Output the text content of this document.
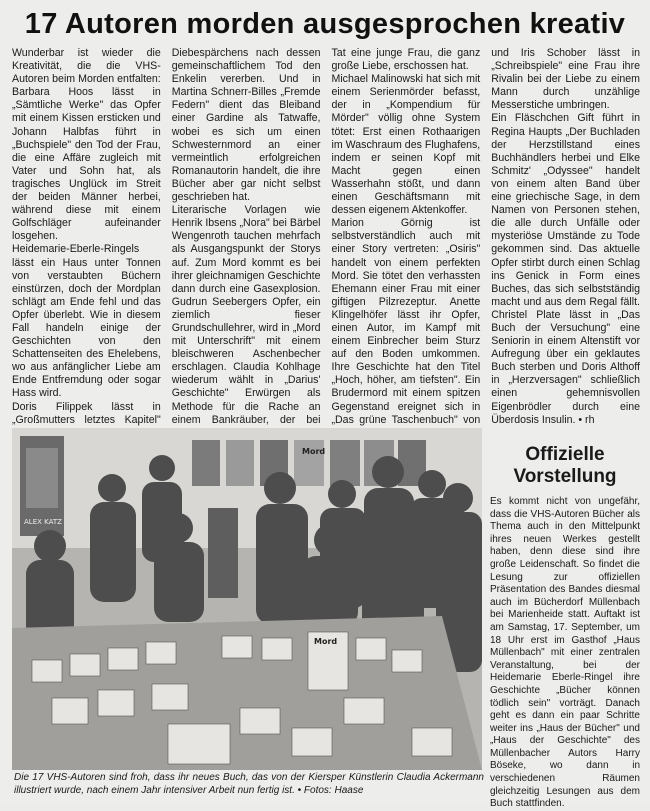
17 Autoren morden ausgesprochen kreativ

Wunderbar ist wieder die Kreativität, die die VHS-Autoren beim Morden entfalten: Barbara Hoos lässt in „Sämtliche Werke" das Opfer mit einem Kissen ersticken und Johann Halbfas führt in „Buchspiele" den Tod der Frau, die eine Affäre zugleich mit Vater und Sohn hat, als tragisches Unglück im Streit der beiden Männer herbei, während diese mit einem Golfschläger aufeinander losgehen.

Heidemarie-Eberle-Ringels lässt ein Haus unter Tonnen von verstaubten Büchern einstürzen, doch der Mordplan schlägt am Ende fehl und das Opfer überlebt. Wie in diesem Fall handeln einige der Geschichten von den Schattenseiten des Ehelebens, wo aus anfänglicher Liebe am Ende Entfremdung oder sogar Hass wird.

Doris Filippek lässt in „Großmutters letztes Kapitel"

Diebespärchens nach dessen gemeinschaftlichem Tod den Enkelin vererben. Und in Martina Schnerr-Billes „Fremde Federn" dient das Bleiband einer Gardine als Tatwaffe, wobei es sich um einen Schwesternmord an einer vermeintlich erfolgreichen Romanautorin handelt, die ihre Bücher aber gar nicht selbst geschrieben hat.

Literarische Vorlagen wie Henrik Ibsens „Nora" bei Bärbel Wengenroth tauchen mehrfach als Ausgangspunkt der Storys auf. Zum Mord kommt es bei ihrer gleichnamigen Geschichte dann durch eine Gasexplosion. Gudrun Seebergers Opfer, ein ziemlich fieser Grundschullehrer, wird in „Mord mit Unterschrift" mit einem bleischweren Aschenbecher erschlagen. Claudia Kohlhage wiederum wählt in „Darius' Geschichte" Erwürgen als Methode für die Rache an einem Bankräuber, der bei

Tat eine junge Frau, die ganz große Liebe, erschossen hat.

Michael Malinowski hat sich mit einem Serienmörder befasst, der in „Kompendium für Mörder" völlig ohne System tötet: Erst einen Rothaarigen im Waschraum des Flughafens, indem er seinen Kopf mit Macht gegen einen Wasserhahn stößt, und dann einen Geschäftsmann mit dessen eigenem Aktenkoffer.

Marion Görnig ist selbstverständlich auch mit einer Story vertreten: „Osiris" handelt von einem perfekten Mord. Sie tötet den verhassten Ehemann einer Frau mit einer giftigen Pilzrezeptur. Anette Klingelhöfer lässt ihr Opfer, einen Autor, im Kampf mit einem Einbrecher beim Sturz auf den Boden umkommen. Ihre Geschichte hat den Titel „Hoch, höher, am tiefsten". Ein Brudermord mit einem spitzen Gegenstand ereignet sich in „Das grüne Taschenbuch" von

und Iris Schober lässt in „Schreibspiele" eine Frau ihre Rivalin bei der Liebe zu einem Mann durch unzählige Messerstiche umbringen.

Ein Fläschchen Gift führt in Regina Haupts „Der Buchladen der Herzstillstand eines Buchhändlers herbei und Elke Schmitz' „Odyssee" handelt von einem alten Band über eine griechische Sage, in dem Namen von Personen stehen, die alle durch Unfälle oder mysteriöse Umstände zu Tode gekommen sind. Das aktuelle Opfer stirbt durch einen Schlag ins Genick in Form eines Buches, das sich selbstständig macht und aus dem Regal fällt. Christel Plate lässt in „Das Buch der Versuchung" eine Seniorin in einem Altenstift vor Aufregung über ein geklautes Buch sterben und Doris Althoff in „Herzversagen" schließlich einen gehemnisvollen Eigenbrödler durch eine Überdosis Insulin. • rh

ALEX KATZ
Mord
Mord
Die 17 VHS-Autoren sind froh, dass ihr neues Buch, das von der Kiersper Künstlerin Claudia Ackermann illustriert wurde, nach einem Jahr intensiver Arbeit nun fertig ist. • Fotos: Haase
Offizielle
Vorstellung

Es kommt nicht von ungefähr, dass die VHS-Autoren Bücher als Thema auch in den Mittelpunkt ihres neuen Werkes gestellt haben, denn diese sind ihre große Leidenschaft. So findet die Lesung zur offiziellen Präsentation des Bandes diesmal auch im Bücherdorf Müllenbach bei Marienheide statt. Auftakt ist am Samstag, 17. September, um 18 Uhr erst im Gasthof „Haus Müllenbach" mit einer zentralen Veranstaltung, bei der Heidemarie Eberle-Ringel ihre Geschichte „Bücher können tödlich sein" vorträgt. Danach geht es dann ein paar Schritte weiter ins „Haus der Bücher" und „Haus der Geschichte" des Müllenbacher Autors Harry Böseke, wo dann in verschiedenen Räumen gleichzeitig Lesungen aus dem Buch stattfinden.
